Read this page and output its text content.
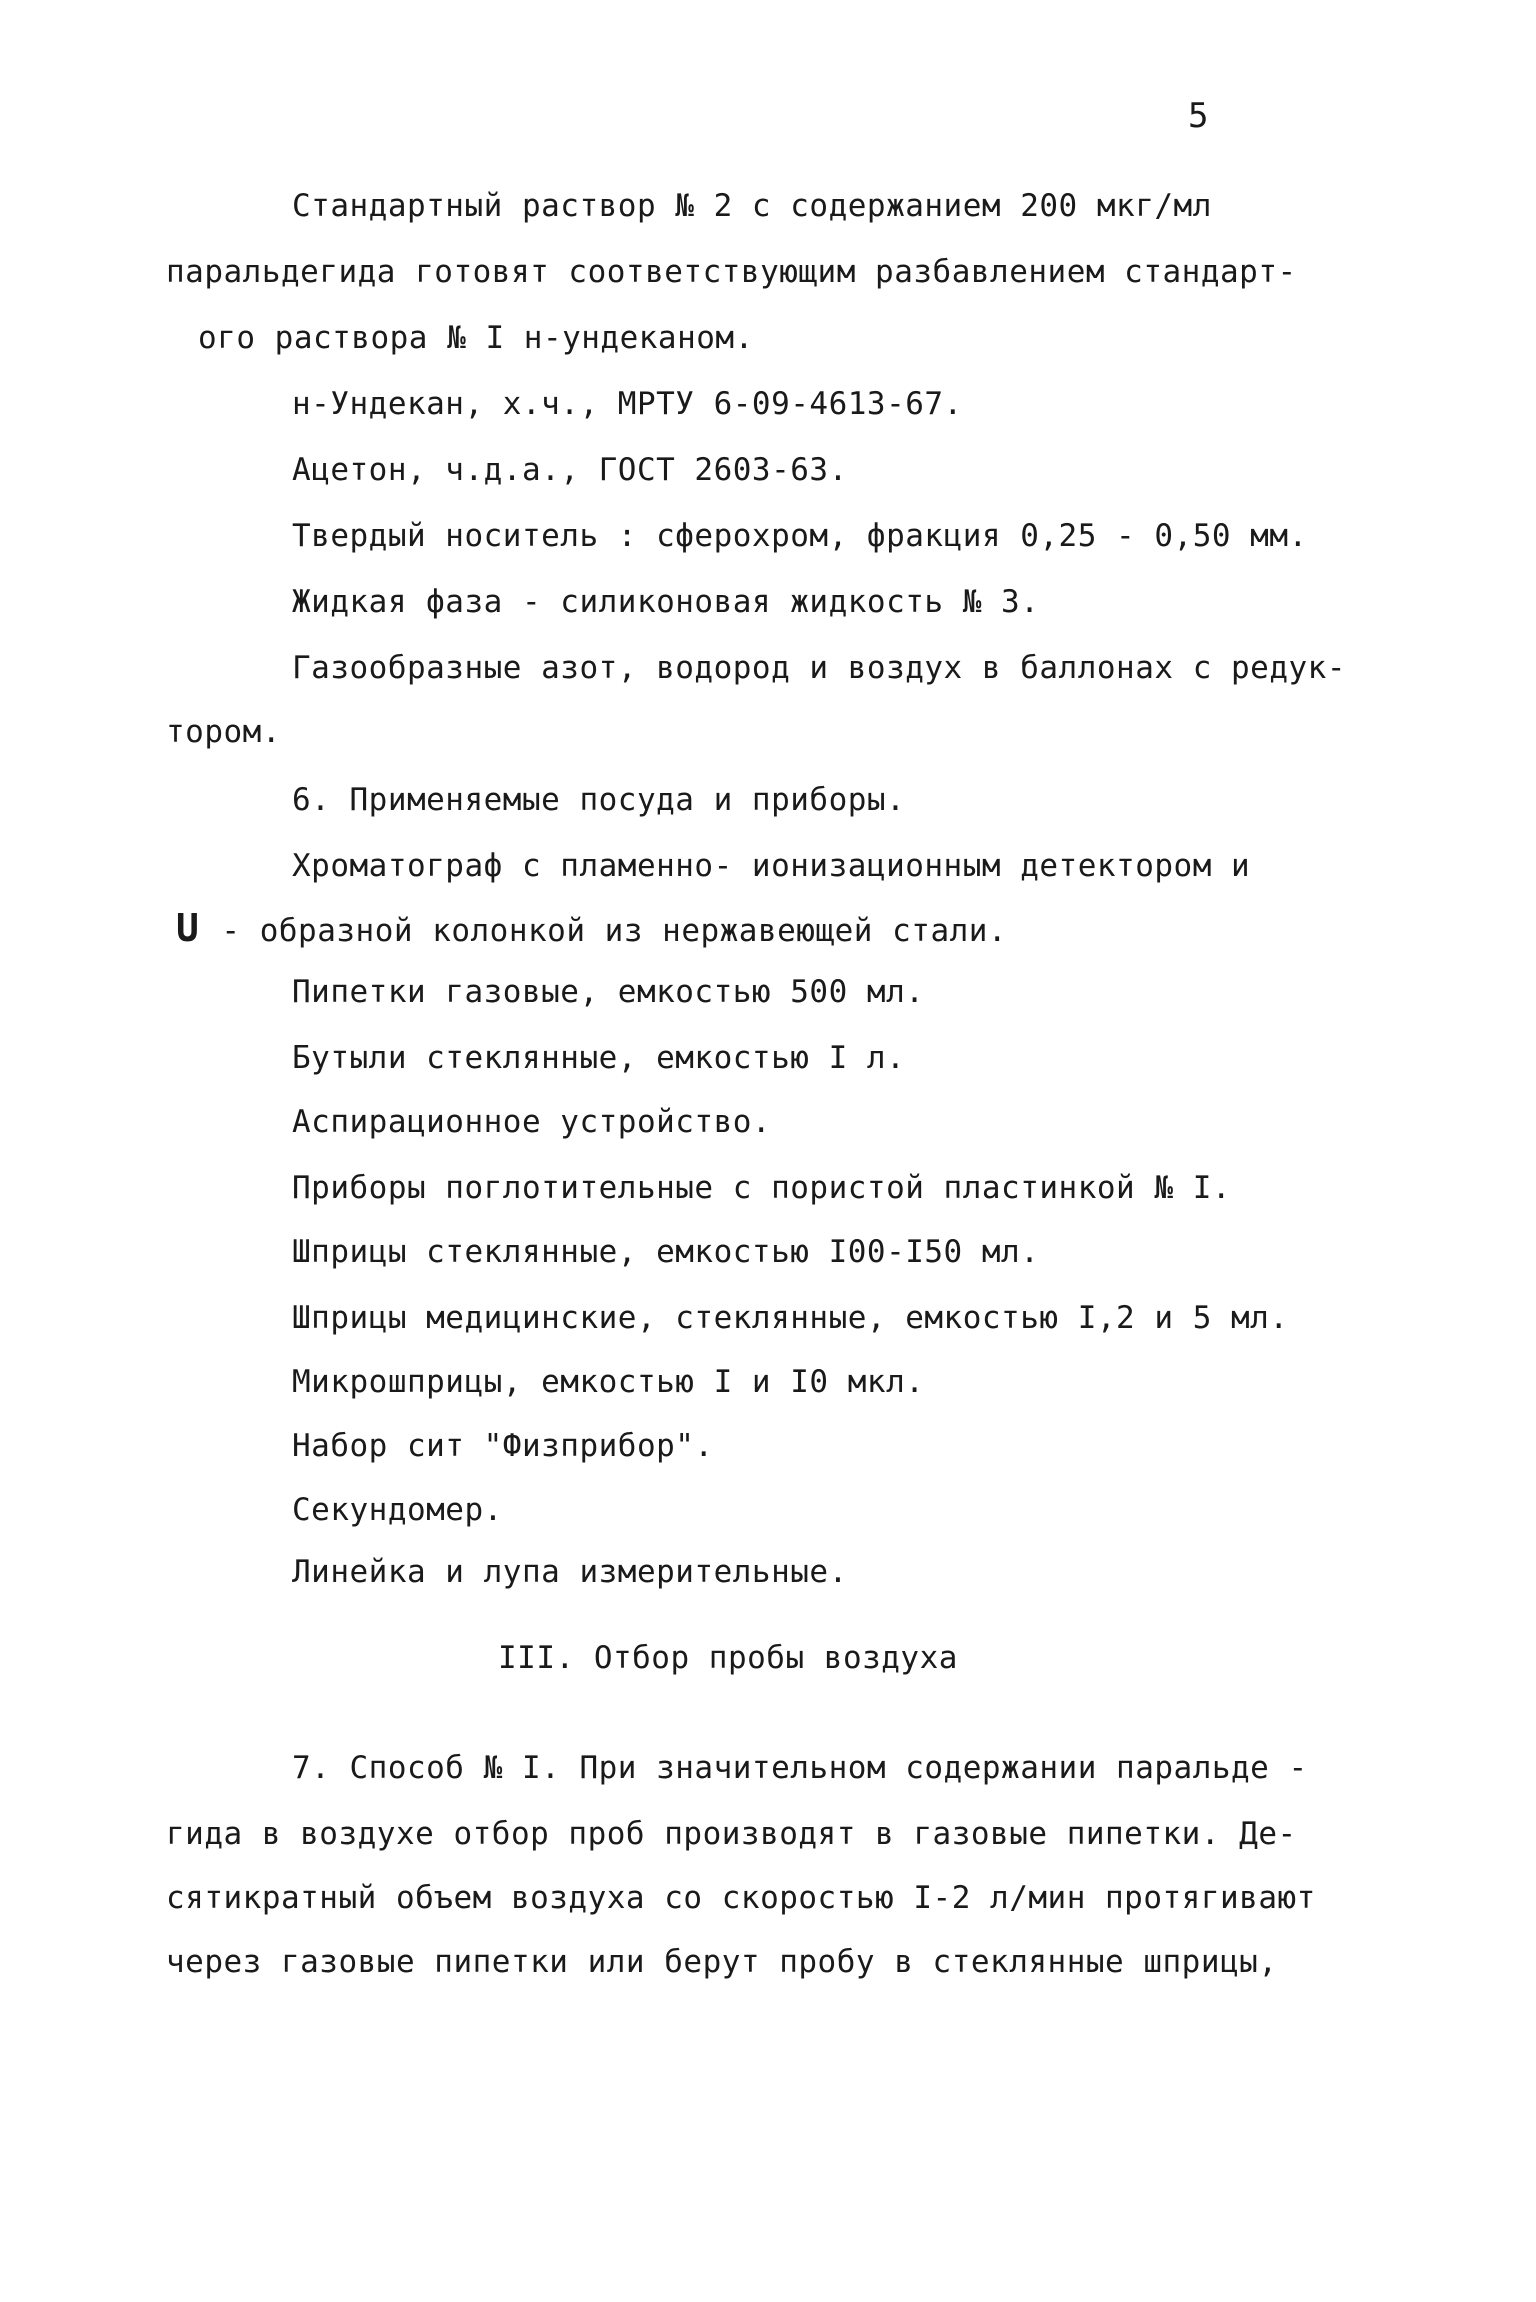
5
Стандартный раствор № 2 с содержанием 200 мкг/мл
паральдегида готовят соответствующим разбавлением стандарт-
ого раствора № I н-ундеканом.
н-Ундекан, х.ч., МРТУ 6-09-4613-67.
Ацетон, ч.д.а., ГОСТ 2603-63.
Твердый носитель : сферохром, фракция 0,25 - 0,50 мм.
Жидкая фаза - силиконовая жидкость № 3.
Газообразные азот, водород и воздух в баллонах с редук-
тором.
6. Применяемые посуда и приборы.
Хроматограф с пламенно- ионизационным детектором и
U - образной колонкой из нержавеющей стали.
Пипетки газовые, емкостью 500 мл.
Бутыли стеклянные, емкостью I л.
Аспирационное устройство.
Приборы поглотительные с пористой пластинкой № I.
Шприцы стеклянные, емкостью I00-I50 мл.
Шприцы медицинские, стеклянные, емкостью I,2 и 5 мл.
Микрошприцы, емкостью I и I0 мкл.
Набор сит "Физприбор".
Секундомер.
Линейка и лупа измерительные.
III. Отбор пробы воздуха
7. Способ № I. При значительном содержании паральде -
гида в воздухе отбор проб производят в газовые пипетки. Де-
сятикратный объем воздуха со скоростью I-2 л/мин протягивают
через газовые пипетки или берут пробу в стеклянные шприцы,
